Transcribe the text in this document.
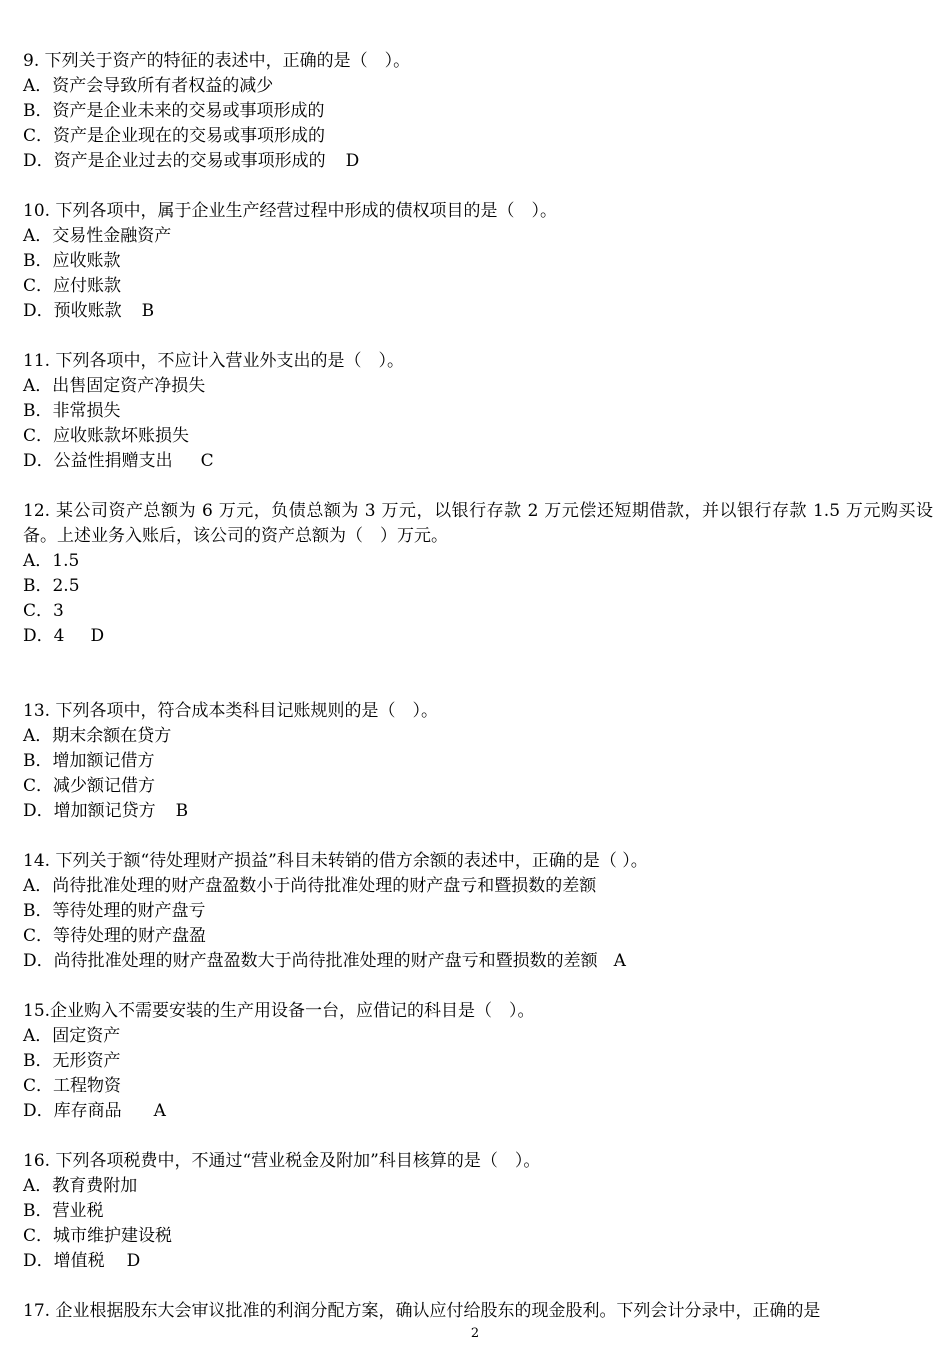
9. 下列关于资产的特征的表述中，正确的是（　）。
A．资产会导致所有者权益的减少
B．资产是企业未来的交易或事项形成的
C．资产是企业现在的交易或事项形成的
D．资产是企业过去的交易或事项形成的 D
10. 下列各项中，属于企业生产经营过程中形成的债权项目的是（　）。
A．交易性金融资产
B．应收账款
C．应付账款
D．预收账款 B
11. 下列各项中，不应计入营业外支出的是（　）。
A．出售固定资产净损失
B．非常损失
C．应收账款坏账损失
D．公益性捐赠支出 C
12. 某公司资产总额为 6 万元，负债总额为 3 万元，以银行存款 2 万元偿还短期借款，并以银行存款 1.5 万元购买设备。上述业务入账后，该公司的资产总额为（　）万元。
A．1.5
B．2.5
C．3
D．4 D
13. 下列各项中，符合成本类科目记账规则的是（　）。
A．期末余额在贷方
B．增加额记借方
C．减少额记借方
D．增加额记贷方 B
14. 下列关于额“待处理财产损益”科目未转销的借方余额的表述中，正确的是（ ）。
A．尚待批准处理的财产盘盈数小于尚待批准处理的财产盘亏和暨损数的差额
B．等待处理的财产盘亏
C．等待处理的财产盘盈
D．尚待批准处理的财产盘盈数大于尚待批准处理的财产盘亏和暨损数的差额 A
15.企业购入不需要安装的生产用设备一台，应借记的科目是（　）。
A．固定资产
B．无形资产
C．工程物资
D．库存商品 A
16. 下列各项税费中，不通过“营业税金及附加”科目核算的是（　）。
A．教育费附加
B．营业税
C．城市维护建设税
D．增值税 D
17. 企业根据股东大会审议批准的利润分配方案，确认应付给股东的现金股利。下列会计分录中，正确的是
2
